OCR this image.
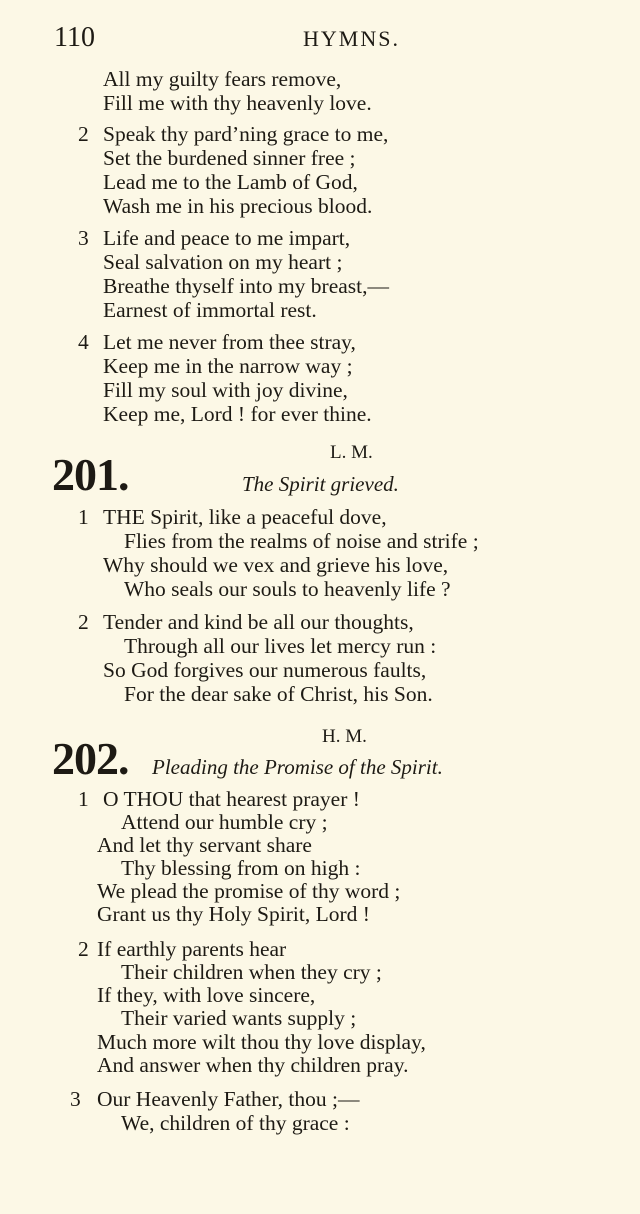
110	HYMNS.
All my guilty fears remove,
Fill me with thy heavenly love.
2 Speak thy pard’ning grace to me,
Set the burdened sinner free ;
Lead me to the Lamb of God,
Wash me in his precious blood.
3 Life and peace to me impart,
Seal salvation on my heart ;
Breathe thyself into my breast,—
Earnest of immortal rest.
4 Let me never from thee stray,
Keep me in the narrow way ;
Fill my soul with joy divine,
Keep me, Lord ! for ever thine.
L. M.
201.	The Spirit grieved.
1 THE Spirit, like a peaceful dove,
Flies from the realms of noise and strife ;
Why should we vex and grieve his love,
Who seals our souls to heavenly life ?
2 Tender and kind be all our thoughts,
Through all our lives let mercy run :
So God forgives our numerous faults,
For the dear sake of Christ, his Son.
H. M.
202. Pleading the Promise of the Spirit.
1 O THOU that hearest prayer !
Attend our humble cry ;
And let thy servant share
Thy blessing from on high :
We plead the promise of thy word ;
Grant us thy Holy Spirit, Lord !
2 If earthly parents hear
Their children when they cry ;
If they, with love sincere,
Their varied wants supply ;
Much more wilt thou thy love display,
And answer when thy children pray.
3 Our Heavenly Father, thou ;—
We, children of thy grace :
